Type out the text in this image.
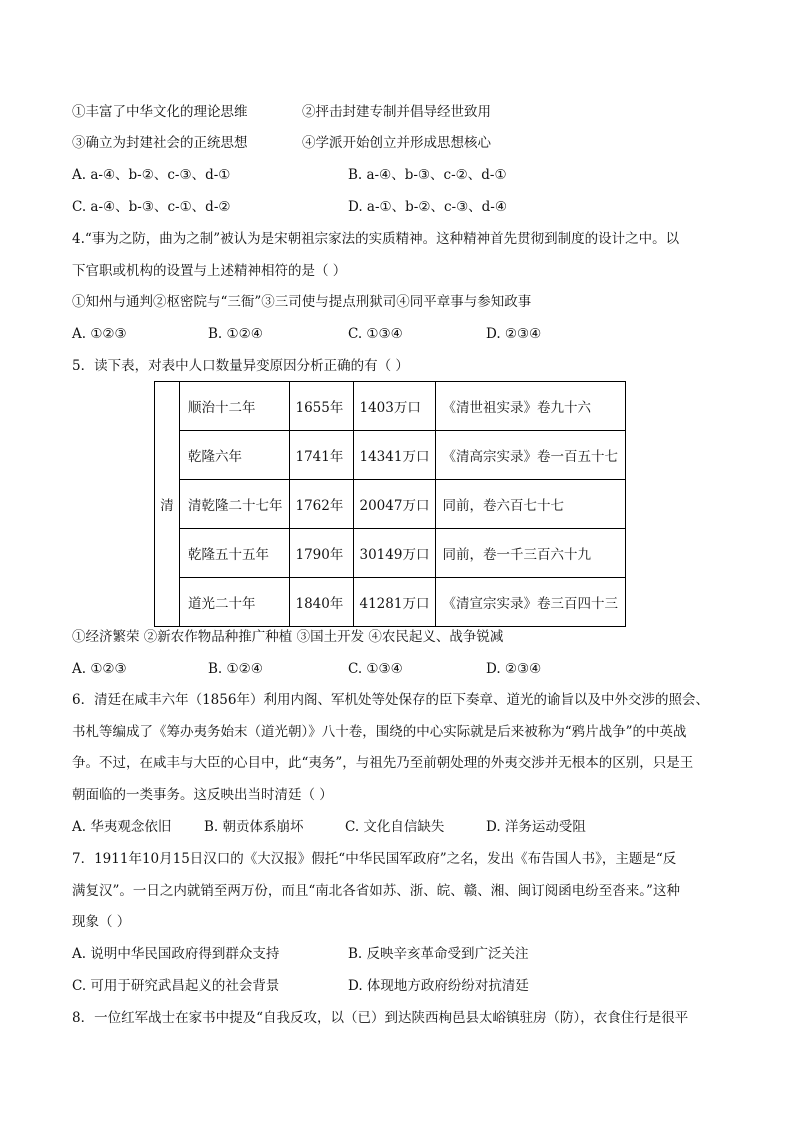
①丰富了中华文化的理论思维	②抨击封建专制并倡导经世致用
③确立为封建社会的正统思想	④学派开始创立并形成思想核心
A. a-④、b-②、c-③、d-①	B. a-④、b-③、c-②、d-①
C. a-④、b-③、c-①、d-②	D. a-①、b-②、c-③、d-④
4.“事为之防，曲为之制”被认为是宋朝祖宗家法的实质精神。这种精神首先贯彻到制度的设计之中。以
下官职或机构的设置与上述精神相符的是（ ）
①知州与通判②枢密院与“三衙”③三司使与提点刑狱司④同平章事与参知政事
A. ①②③	B. ①②④	C. ①③④	D. ②③④
5．读下表，对表中人口数量异变原因分析正确的有（ ）
清	顺治十二年	1655年	1403万口	《清世祖实录》卷九十六
	乾隆六年	1741年	14341万口	《清高宗实录》卷一百五十七
	清乾隆二十七年	1762年	20047万口	同前，卷六百七十七
	乾隆五十五年	1790年	30149万口	同前，卷一千三百六十九
	道光二十年	1840年	41281万口	《清宣宗实录》卷三百四十三
①经济繁荣 ②新农作物品种推广种植 ③国土开发 ④农民起义、战争锐减
A. ①②③	B. ①②④	C. ①③④	D. ②③④
6．清廷在咸丰六年（1856年）利用内阁、军机处等处保存的臣下奏章、道光的谕旨以及中外交涉的照会、
书札等编成了《筹办夷务始末（道光朝）》八十卷，围绕的中心实际就是后来被称为“鸦片战争”的中英战
争。不过，在咸丰与大臣的心目中，此“夷务”，与祖先乃至前朝处理的外夷交涉并无根本的区别，只是王
朝面临的一类事务。这反映出当时清廷（ ）
A. 华夷观念依旧 B. 朝贡体系崩坏	C. 文化自信缺失	D. 洋务运动受阻
7．1911年10月15日汉口的《大汉报》假托“中华民国军政府”之名，发出《布告国人书》，主题是“反
满复汉”。一日之内就销至两万份，而且“南北各省如苏、浙、皖、赣、湘、闽订阅函电纷至沓来。”这种
现象（ ）
A. 说明中华民国政府得到群众支持	B. 反映辛亥革命受到广泛关注
C. 可用于研究武昌起义的社会背景	D. 体现地方政府纷纷对抗清廷
8．一位红军战士在家书中提及“自我反攻，以（已）到达陕西栒邑县太峪镇驻房（防），衣食住行是很平
